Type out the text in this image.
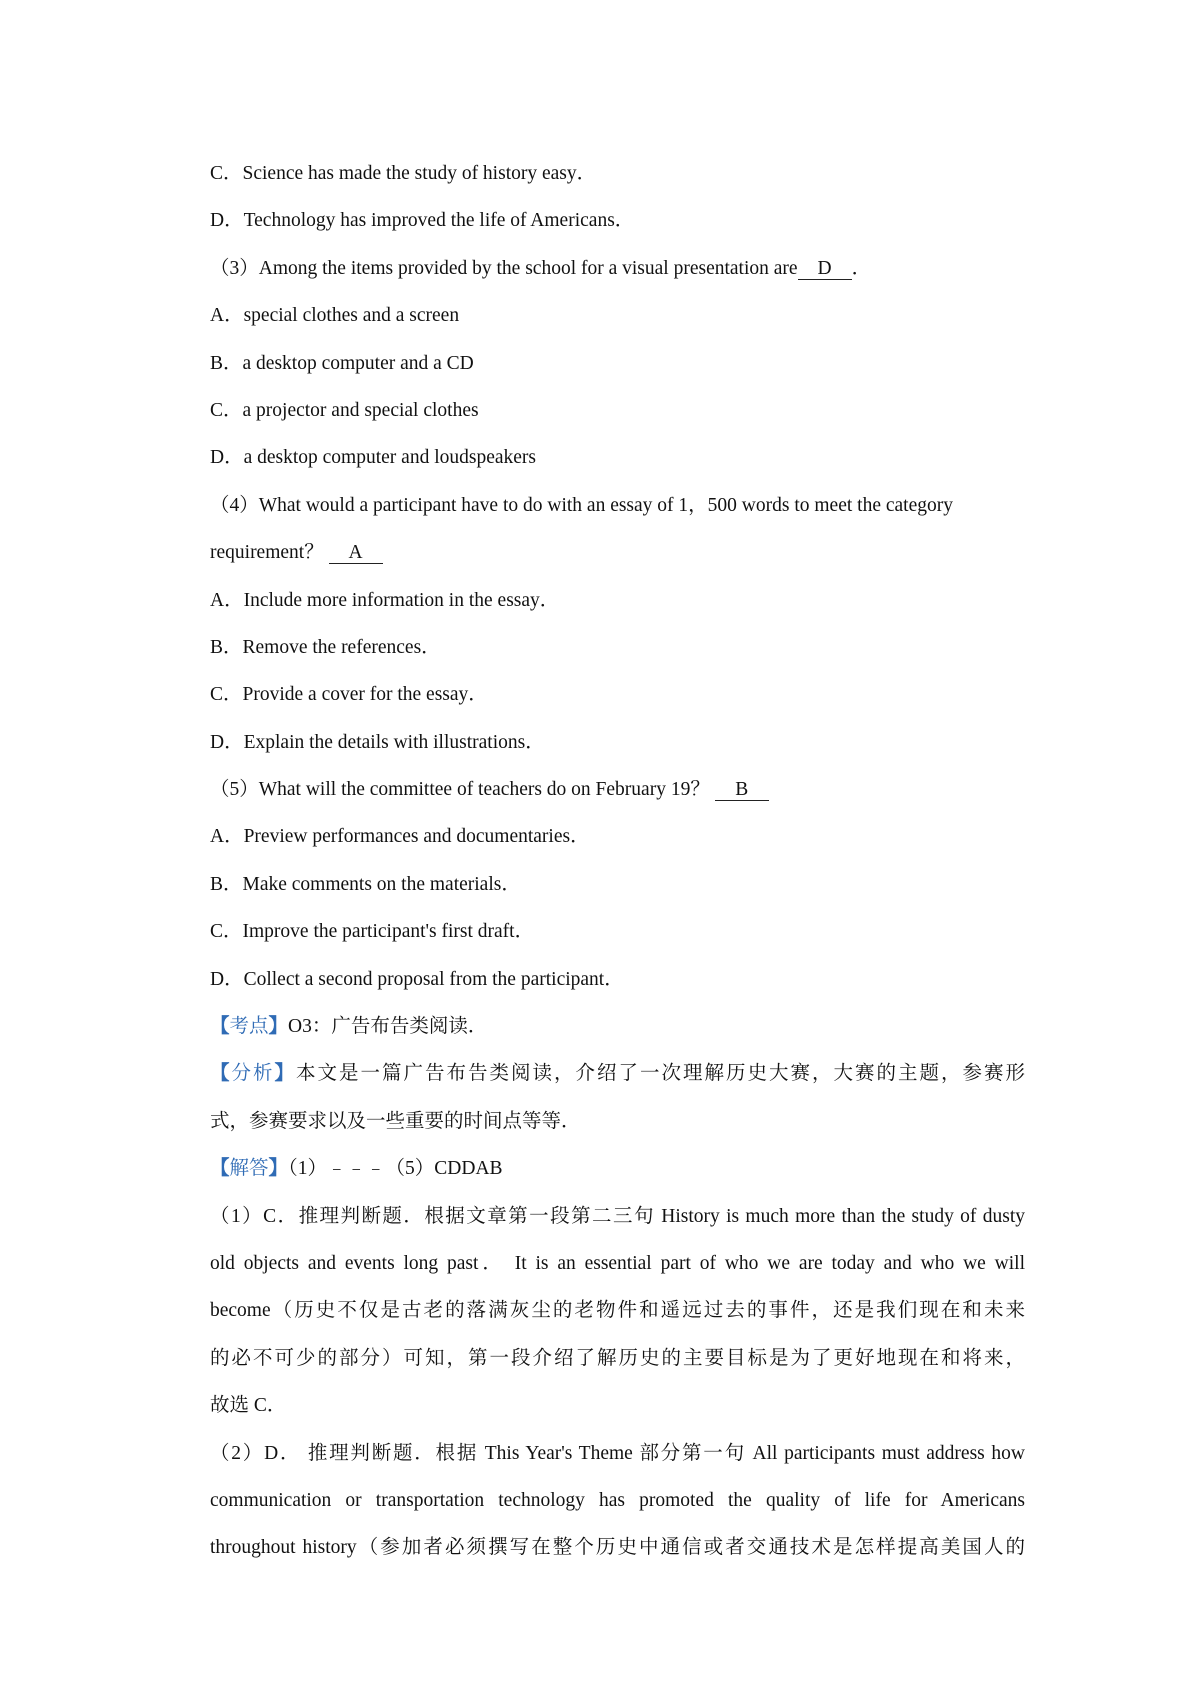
C．Science has made the study of history easy．
D．Technology has improved the life of Americans．
（3）Among the items provided by the school for a visual presentation are D ．
A．special clothes and a screen
B．a desktop computer and a CD
C．a projector and special clothes
D．a desktop computer and loudspeakers
（4）What would a participant have to do with an essay of 1，500 words to meet the category
requirement？ A
A．Include more information in the essay．
B．Remove the references．
C．Provide a cover for the essay．
D．Explain the details with illustrations．
（5）What will the committee of teachers do on February 19？ B
A．Preview performances and documentaries．
B．Make comments on the materials．
C．Improve the participant's first draft．
D．Collect a second proposal from the participant．
【考点】O3：广告布告类阅读．
【分析】本文是一篇广告布告类阅读，介绍了一次理解历史大赛，大赛的主题，参赛形
式，参赛要求以及一些重要的时间点等等．
【解答】（1）﹣﹣﹣（5）CDDAB
（1）C．推理判断题．根据文章第一段第二三句 History is much more than the study of dusty
old objects and events long past． It is an essential part of who we are today and who we will
become（历史不仅是古老的落满灰尘的老物件和遥远过去的事件，还是我们现在和未来
的必不可少的部分）可知，第一段介绍了解历史的主要目标是为了更好地现在和将来，
故选 C．
（2）D． 推理判断题．根据 This Year's Theme 部分第一句 All participants must address how
communication or transportation technology has promoted the quality of life for Americans
throughout history（参加者必须撰写在整个历史中通信或者交通技术是怎样提高美国人的
